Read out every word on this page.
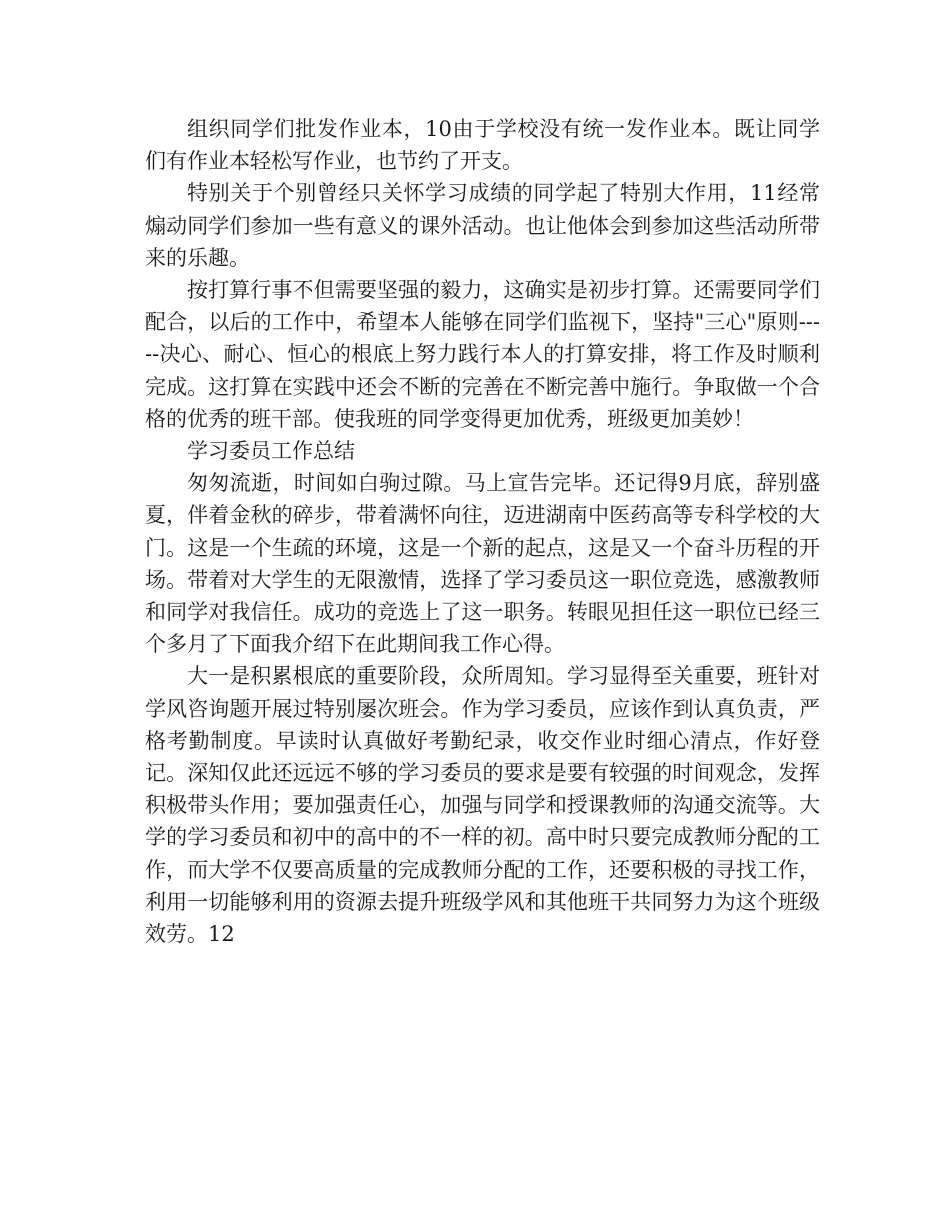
组织同学们批发作业本，10由于学校没有统一发作业本。既让同学们有作业本轻松写作业，也节约了开支。

特别关于个别曾经只关怀学习成绩的同学起了特别大作用，11经常煽动同学们参加一些有意义的课外活动。也让他体会到参加这些活动所带来的乐趣。

按打算行事不但需要坚强的毅力，这确实是初步打算。还需要同学们配合，以后的工作中，希望本人能够在同学们监视下，坚持"三心"原则-----决心、耐心、恒心的根底上努力践行本人的打算安排，将工作及时顺利完成。这打算在实践中还会不断的完善在不断完善中施行。争取做一个合格的优秀的班干部。使我班的同学变得更加优秀，班级更加美妙！

学习委员工作总结

匆匆流逝，时间如白驹过隙。马上宣告完毕。还记得9月底，辞别盛夏，伴着金秋的碎步，带着满怀向往，迈进湖南中医药高等专科学校的大门。这是一个生疏的环境，这是一个新的起点，这是又一个奋斗历程的开场。带着对大学生的无限激情，选择了学习委员这一职位竞选，感激教师和同学对我信任。成功的竞选上了这一职务。转眼见担任这一职位已经三个多月了下面我介绍下在此期间我工作心得。

大一是积累根底的重要阶段，众所周知。学习显得至关重要，班针对学风咨询题开展过特别屡次班会。作为学习委员，应该作到认真负责，严格考勤制度。早读时认真做好考勤纪录，收交作业时细心清点，作好登记。深知仅此还远远不够的学习委员的要求是要有较强的时间观念，发挥积极带头作用；要加强责任心，加强与同学和授课教师的沟通交流等。大学的学习委员和初中的高中的不一样的初。高中时只要完成教师分配的工作，而大学不仅要高质量的完成教师分配的工作，还要积极的寻找工作，利用一切能够利用的资源去提升班级学风和其他班干共同努力为这个班级效劳。12
